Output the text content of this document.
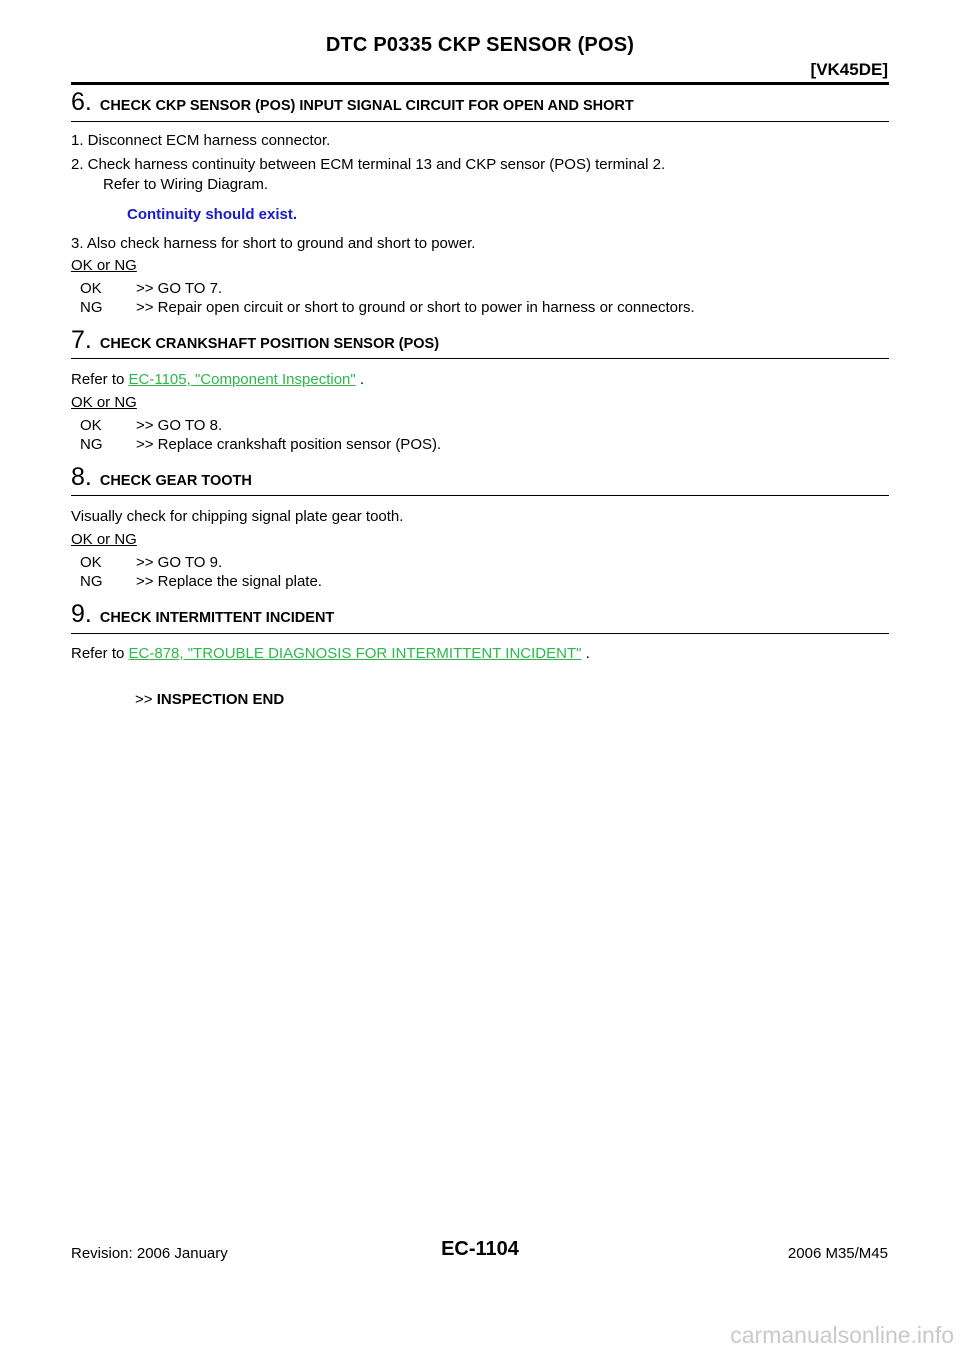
DTC P0335 CKP SENSOR (POS)
[VK45DE]
6. CHECK CKP SENSOR (POS) INPUT SIGNAL CIRCUIT FOR OPEN AND SHORT
1. Disconnect ECM harness connector.
2. Check harness continuity between ECM terminal 13 and CKP sensor (POS) terminal 2.
Refer to Wiring Diagram.
Continuity should exist.
3. Also check harness for short to ground and short to power.
OK or NG
OK >> GO TO 7.
NG >> Repair open circuit or short to ground or short to power in harness or connectors.
7. CHECK CRANKSHAFT POSITION SENSOR (POS)
Refer to EC-1105, "Component Inspection" .
OK or NG
OK >> GO TO 8.
NG >> Replace crankshaft position sensor (POS).
8. CHECK GEAR TOOTH
Visually check for chipping signal plate gear tooth.
OK or NG
OK >> GO TO 9.
NG >> Replace the signal plate.
9. CHECK INTERMITTENT INCIDENT
Refer to EC-878, "TROUBLE DIAGNOSIS FOR INTERMITTENT INCIDENT" .
>> INSPECTION END
Revision: 2006 January	EC-1104	2006 M35/M45
carmanualsonline.info
